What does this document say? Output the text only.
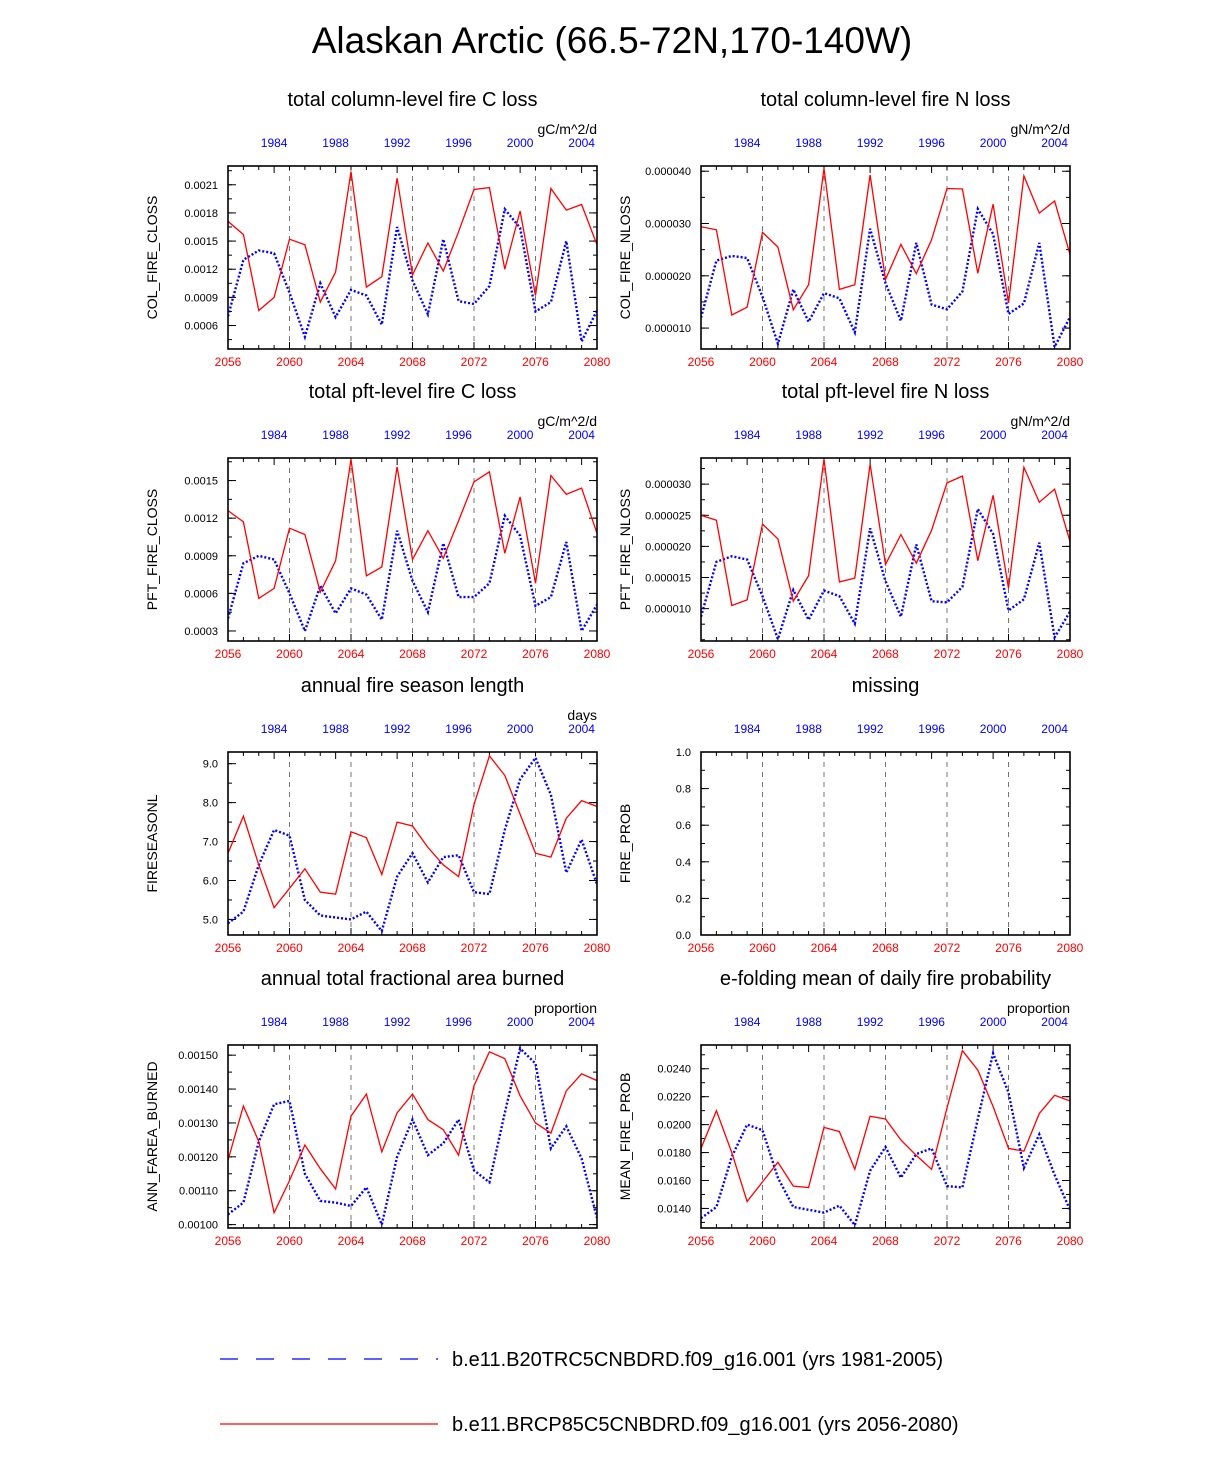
Alaskan Arctic (66.5-72N,170-140W)
total column-level fire C loss
gC/m^2/d
COL_FIRE_CLOSS
2056	2060	2064	2068	2072	2076	2080
1984	1988	1992	1996	2000	2004
0.0006
0.0009
0.0012
0.0015
0.0018
0.0021
total column-level fire N loss
gN/m^2/d
COL_FIRE_NLOSS
2056	2060	2064	2068	2072	2076	2080
1984	1988	1992	1996	2000	2004
0.000010
0.000020
0.000030
0.000040
total pft-level fire C loss
gC/m^2/d
PFT_FIRE_CLOSS
2056	2060	2064	2068	2072	2076	2080
1984	1988	1992	1996	2000	2004
0.0003
0.0006
0.0009
0.0012
0.0015
total pft-level fire N loss
gN/m^2/d
PFT_FIRE_NLOSS
2056	2060	2064	2068	2072	2076	2080
1984	1988	1992	1996	2000	2004
0.000010
0.000015
0.000020
0.000025
0.000030
annual fire season length
days
FIRESEASONL
2056	2060	2064	2068	2072	2076	2080
1984	1988	1992	1996	2000	2004
5.0
6.0
7.0
8.0
9.0
missing
FIRE_PROB
2056	2060	2064	2068	2072	2076	2080
1984	1988	1992	1996	2000	2004
0.0
0.2
0.4
0.6
0.8
1.0
annual total fractional area burned
proportion
ANN_FAREA_BURNED
2056	2060	2064	2068	2072	2076	2080
1984	1988	1992	1996	2000	2004
0.00100
0.00110
0.00120
0.00130
0.00140
0.00150
e-folding mean of daily fire probability
proportion
MEAN_FIRE_PROB
2056	2060	2064	2068	2072	2076	2080
1984	1988	1992	1996	2000	2004
0.0140
0.0160
0.0180
0.0200
0.0220
0.0240
b.e11.B20TRC5CNBDRD.f09_g16.001 (yrs 1981-2005)
b.e11.BRCP85C5CNBDRD.f09_g16.001 (yrs 2056-2080)
